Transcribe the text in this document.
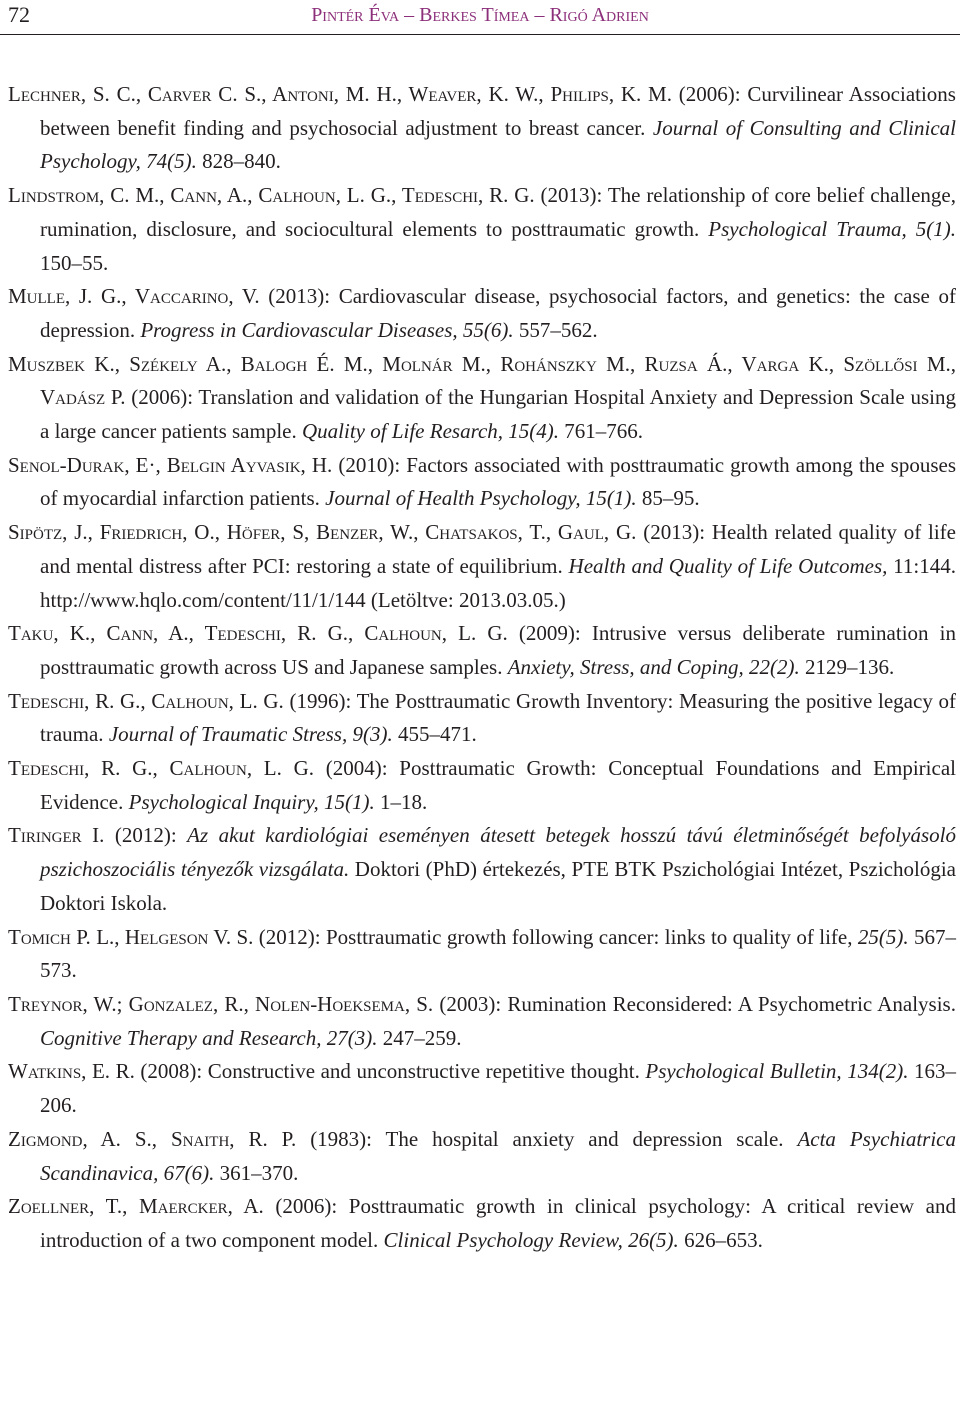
72	Pintér Éva – Berkes Tímea – Rigó Adrien
Lechner, S. C., Carver C. S., Antoni, M. H., Weaver, K. W., Philips, K. M. (2006): Curvilinear Associations between benefit finding and psychosocial adjustment to breast cancer. Journal of Consulting and Clinical Psychology, 74(5). 828–840.
Lindstrom, C. M., Cann, A., Calhoun, L. G., Tedeschi, R. G. (2013): The relationship of core belief challenge, rumination, disclosure, and sociocultural elements to posttraumatic growth. Psychological Trauma, 5(1). 150–55.
Mulle, J. G., Vaccarino, V. (2013): Cardiovascular disease, psychosocial factors, and genetics: the case of depression. Progress in Cardiovascular Diseases, 55(6). 557–562.
Muszbek K., Székely A., Balogh É. M., Molnár M., Rohánszky M., Ruzsa Á., Varga K., Szöllősi M., Vadász P. (2006): Translation and validation of the Hungarian Hospital Anxiety and Depression Scale using a large cancer patients sample. Quality of Life Resarch, 15(4). 761–766.
Senol-Durak, E·, Belgin Ayvasik, H. (2010): Factors associated with posttraumatic growth among the spouses of myocardial infarction patients. Journal of Health Psychology, 15(1). 85–95.
Sipötz, J., Friedrich, O., Höfer, S, Benzer, W., Chatsakos, T., Gaul, G. (2013): Health related quality of life and mental distress after PCI: restoring a state of equilibrium. Health and Quality of Life Outcomes, 11:144. http://www.hqlo.com/content/11/1/144 (Letöltve: 2013.03.05.)
Taku, K., Cann, A., Tedeschi, R. G., Calhoun, L. G. (2009): Intrusive versus deliberate rumination in posttraumatic growth across US and Japanese samples. Anxiety, Stress, and Coping, 22(2). 2129–136.
Tedeschi, R. G., Calhoun, L. G. (1996): The Posttraumatic Growth Inventory: Measuring the positive legacy of trauma. Journal of Traumatic Stress, 9(3). 455–471.
Tedeschi, R. G., Calhoun, L. G. (2004): Posttraumatic Growth: Conceptual Foundations and Empirical Evidence. Psychological Inquiry, 15(1). 1–18.
Tiringer I. (2012): Az akut kardiológiai eseményen átesett betegek hosszú távú életminőségét befolyásoló pszichoszociális tényezők vizsgálata. Doktori (PhD) értekezés, PTE BTK Pszichológiai Intézet, Pszichológia Doktori Iskola.
Tomich P. L., Helgeson V. S. (2012): Posttraumatic growth following cancer: links to quality of life, 25(5). 567–573.
Treynor, W.; Gonzalez, R., Nolen-Hoeksema, S. (2003): Rumination Reconsidered: A Psychometric Analysis. Cognitive Therapy and Research, 27(3). 247–259.
Watkins, E. R. (2008): Constructive and unconstructive repetitive thought. Psychological Bulletin, 134(2). 163–206.
Zigmond, A. S., Snaith, R. P. (1983): The hospital anxiety and depression scale. Acta Psychiatrica Scandinavica, 67(6). 361–370.
Zoellner, T., Maercker, A. (2006): Posttraumatic growth in clinical psychology: A critical review and introduction of a two component model. Clinical Psychology Review, 26(5). 626–653.
